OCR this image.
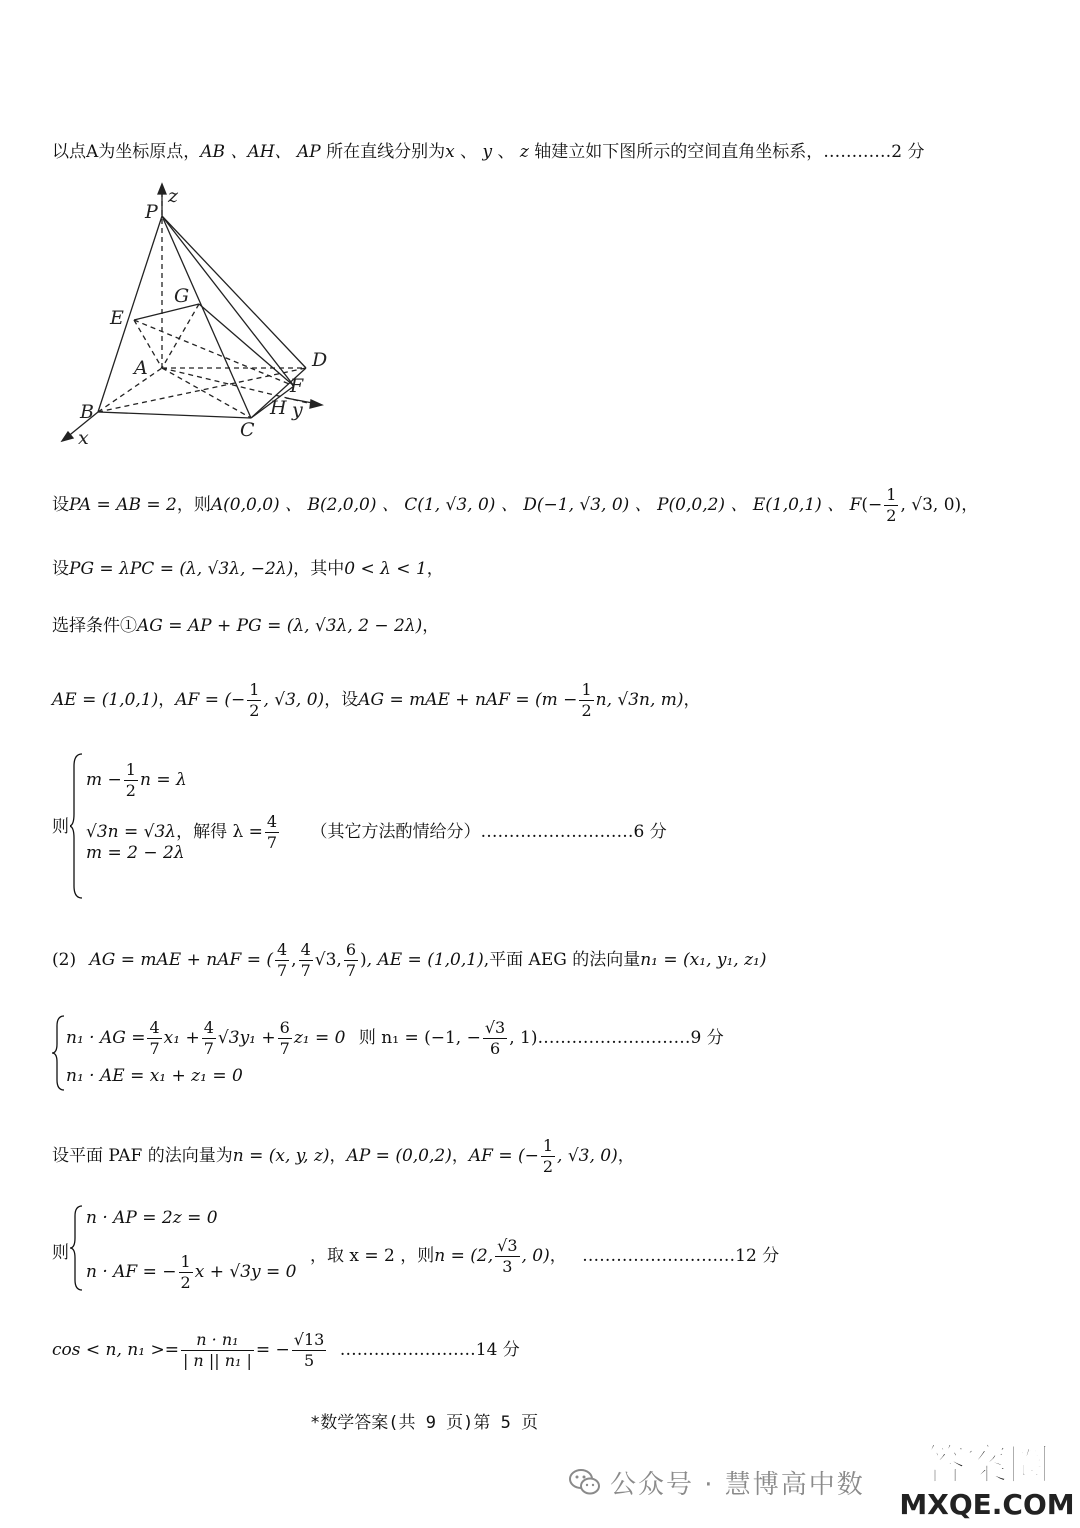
以点A为坐标原点，AB 、AH、 AP 所在直线分别为x 、 y 、 z 轴建立如下图所示的空间直角坐标系，…………2 分
P
z
G
E
A	D
F
B	H y
C
x
设PA = AB = 2，则A(0,0,0) 、 B(2,0,0) 、 C(1, √3, 0) 、 D(−1, √3, 0) 、 P(0,0,2) 、 E(1,0,1) 、 $F(- \frac{1}{2}$ , √3, 0)，
设PG = λPC = (λ, √3λ, −2λ)，其中0 < λ < 1，
选择条件①AG = AP + PG = (λ, √3λ, 2 − 2λ)，
AE = (1,0,1)，AF = (− $\frac{1}{2}$ , √3, 0)，设AG = mAE + nAF = ($m - \frac{1}{2} n$, √3n, m)，
则
$m - \frac{1}{2}$ n = λ
√3n = √3λ，解得 $\lambda = \frac{4}{7}$ （其它方法酌情给分）………………………6 分
m = 2 − 2λ
(2) AG = mAE + nAF = ( $\frac{4}{7}$ , $\frac{4}{7} √3$, $\frac{6}{7}$ ), AE = (1,0,1),平面 AEG 的法向量n₁ = (x₁, y₁, z₁)
n₁ · AG = $\frac{4}{7} x_1 + \frac{4}{7} √3y_1 + \frac{6}{7} z_1 = 0$ 则 n₁ = (−1, − $\frac{√3}{6}$ , 1)………………………9 分
n₁ · AE = x₁ + z₁ = 0
设平面 PAF 的法向量为n = (x, y, z)，AP = (0,0,2)，AF = (− $\frac{1}{2}$ , √3, 0)，
则
n · AP = 2z = 0
n · AF = − $\frac{1}{2}$ x + √3y = 0
，取 x = 2 ，则n = (2, $\frac{√3}{3}$ , 0)， ………………………12 分
cos < n, $n_1 >= \frac{\text{n · n₁}}{\text{| n || n₁ |}}$ = − $\frac{√13}{5}$ ……………………14 分
*数学答案(共 9 页)第 5 页
公众号 · 慧博高中数	答案圈
MXQE.COM
